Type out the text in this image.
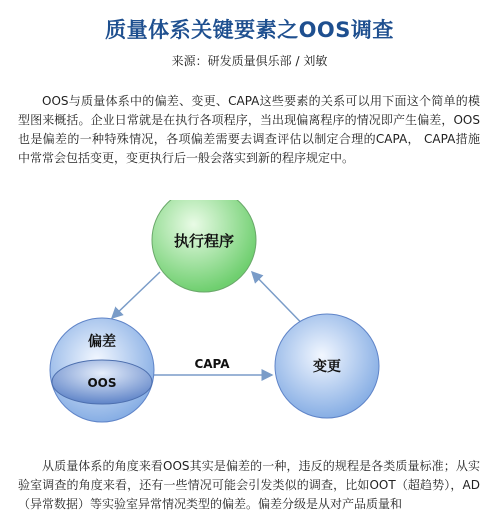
质量体系关键要素之OOS调查
来源：研发质量俱乐部 / 刘敏

OOS与质量体系中的偏差、变更、CAPA这些要素的关系可以用下面这个简单的模型图来概括。企业日常就是在执行各项程序，当出现偏离程序的情况即产生偏差，OOS也是偏差的一种特殊情况，各项偏差需要去调查评估以制定合理的CAPA， CAPA措施中常常会包括变更，变更执行后一般会落实到新的程序规定中。

执行程序
偏差
OOS
变更
CAPA

从质量体系的角度来看OOS其实是偏差的一种，违反的规程是各类质量标准；从实验室调查的角度来看，还有一些情况可能会引发类似的调查，比如OOT（超趋势），AD（异常数据）等实验室异常情况类型的偏差。偏差分级是从对产品质量和
